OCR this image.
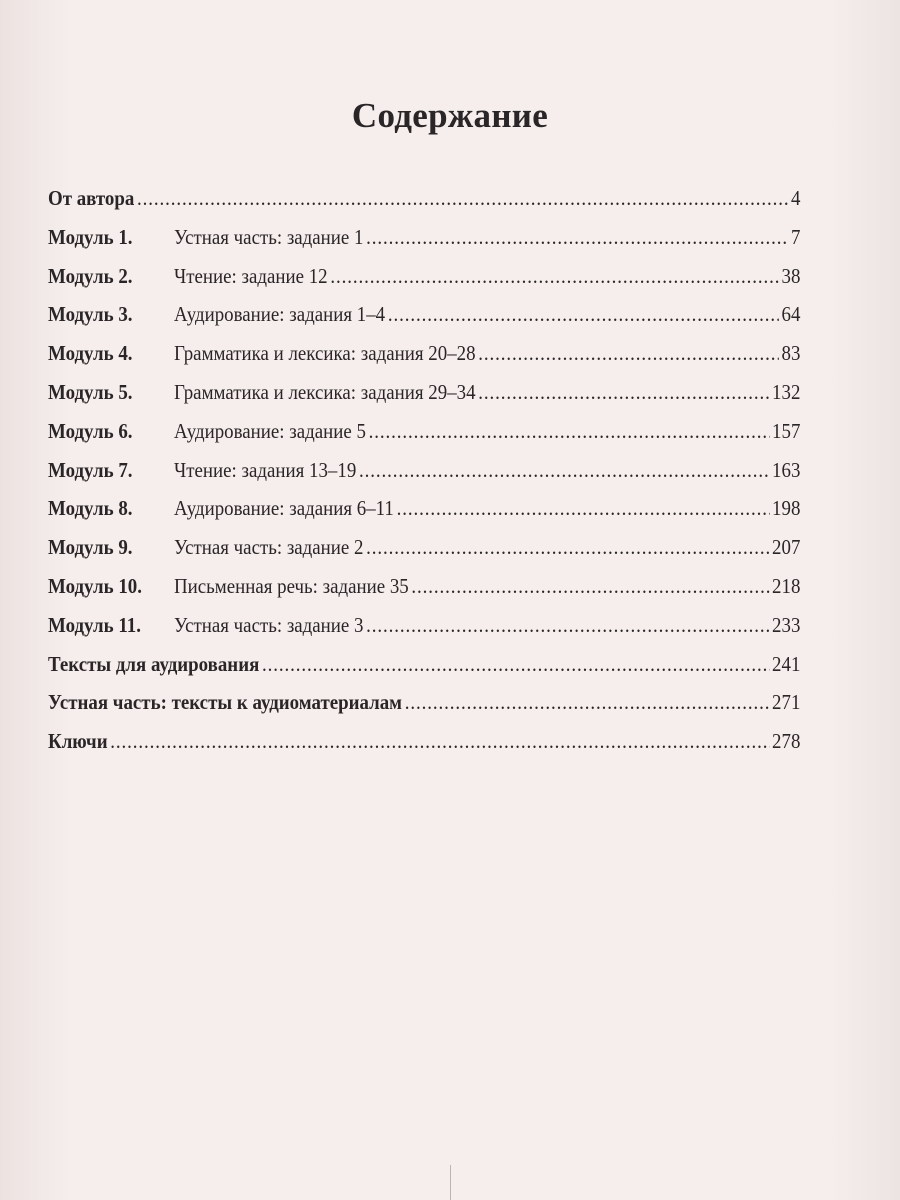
Содержание
От автора .....	4
Модуль 1.	Устная часть: задание 1 .....	7
Модуль 2.	Чтение: задание 12 .....	38
Модуль 3.	Аудирование: задания 1–4 .....	64
Модуль 4.	Грамматика и лексика: задания 20–28 .....	83
Модуль 5.	Грамматика и лексика: задания 29–34 .....	132
Модуль 6.	Аудирование: задание 5 .....	157
Модуль 7.	Чтение: задания 13–19 .....	163
Модуль 8.	Аудирование: задания 6–11 .....	198
Модуль 9.	Устная часть: задание 2 .....	207
Модуль 10.	Письменная речь: задание 35 .....	218
Модуль 11.	Устная часть: задание 3 .....	233
Тексты для аудирования .....	241
Устная часть: тексты к аудиоматериалам .....	271
Ключи .....	278
